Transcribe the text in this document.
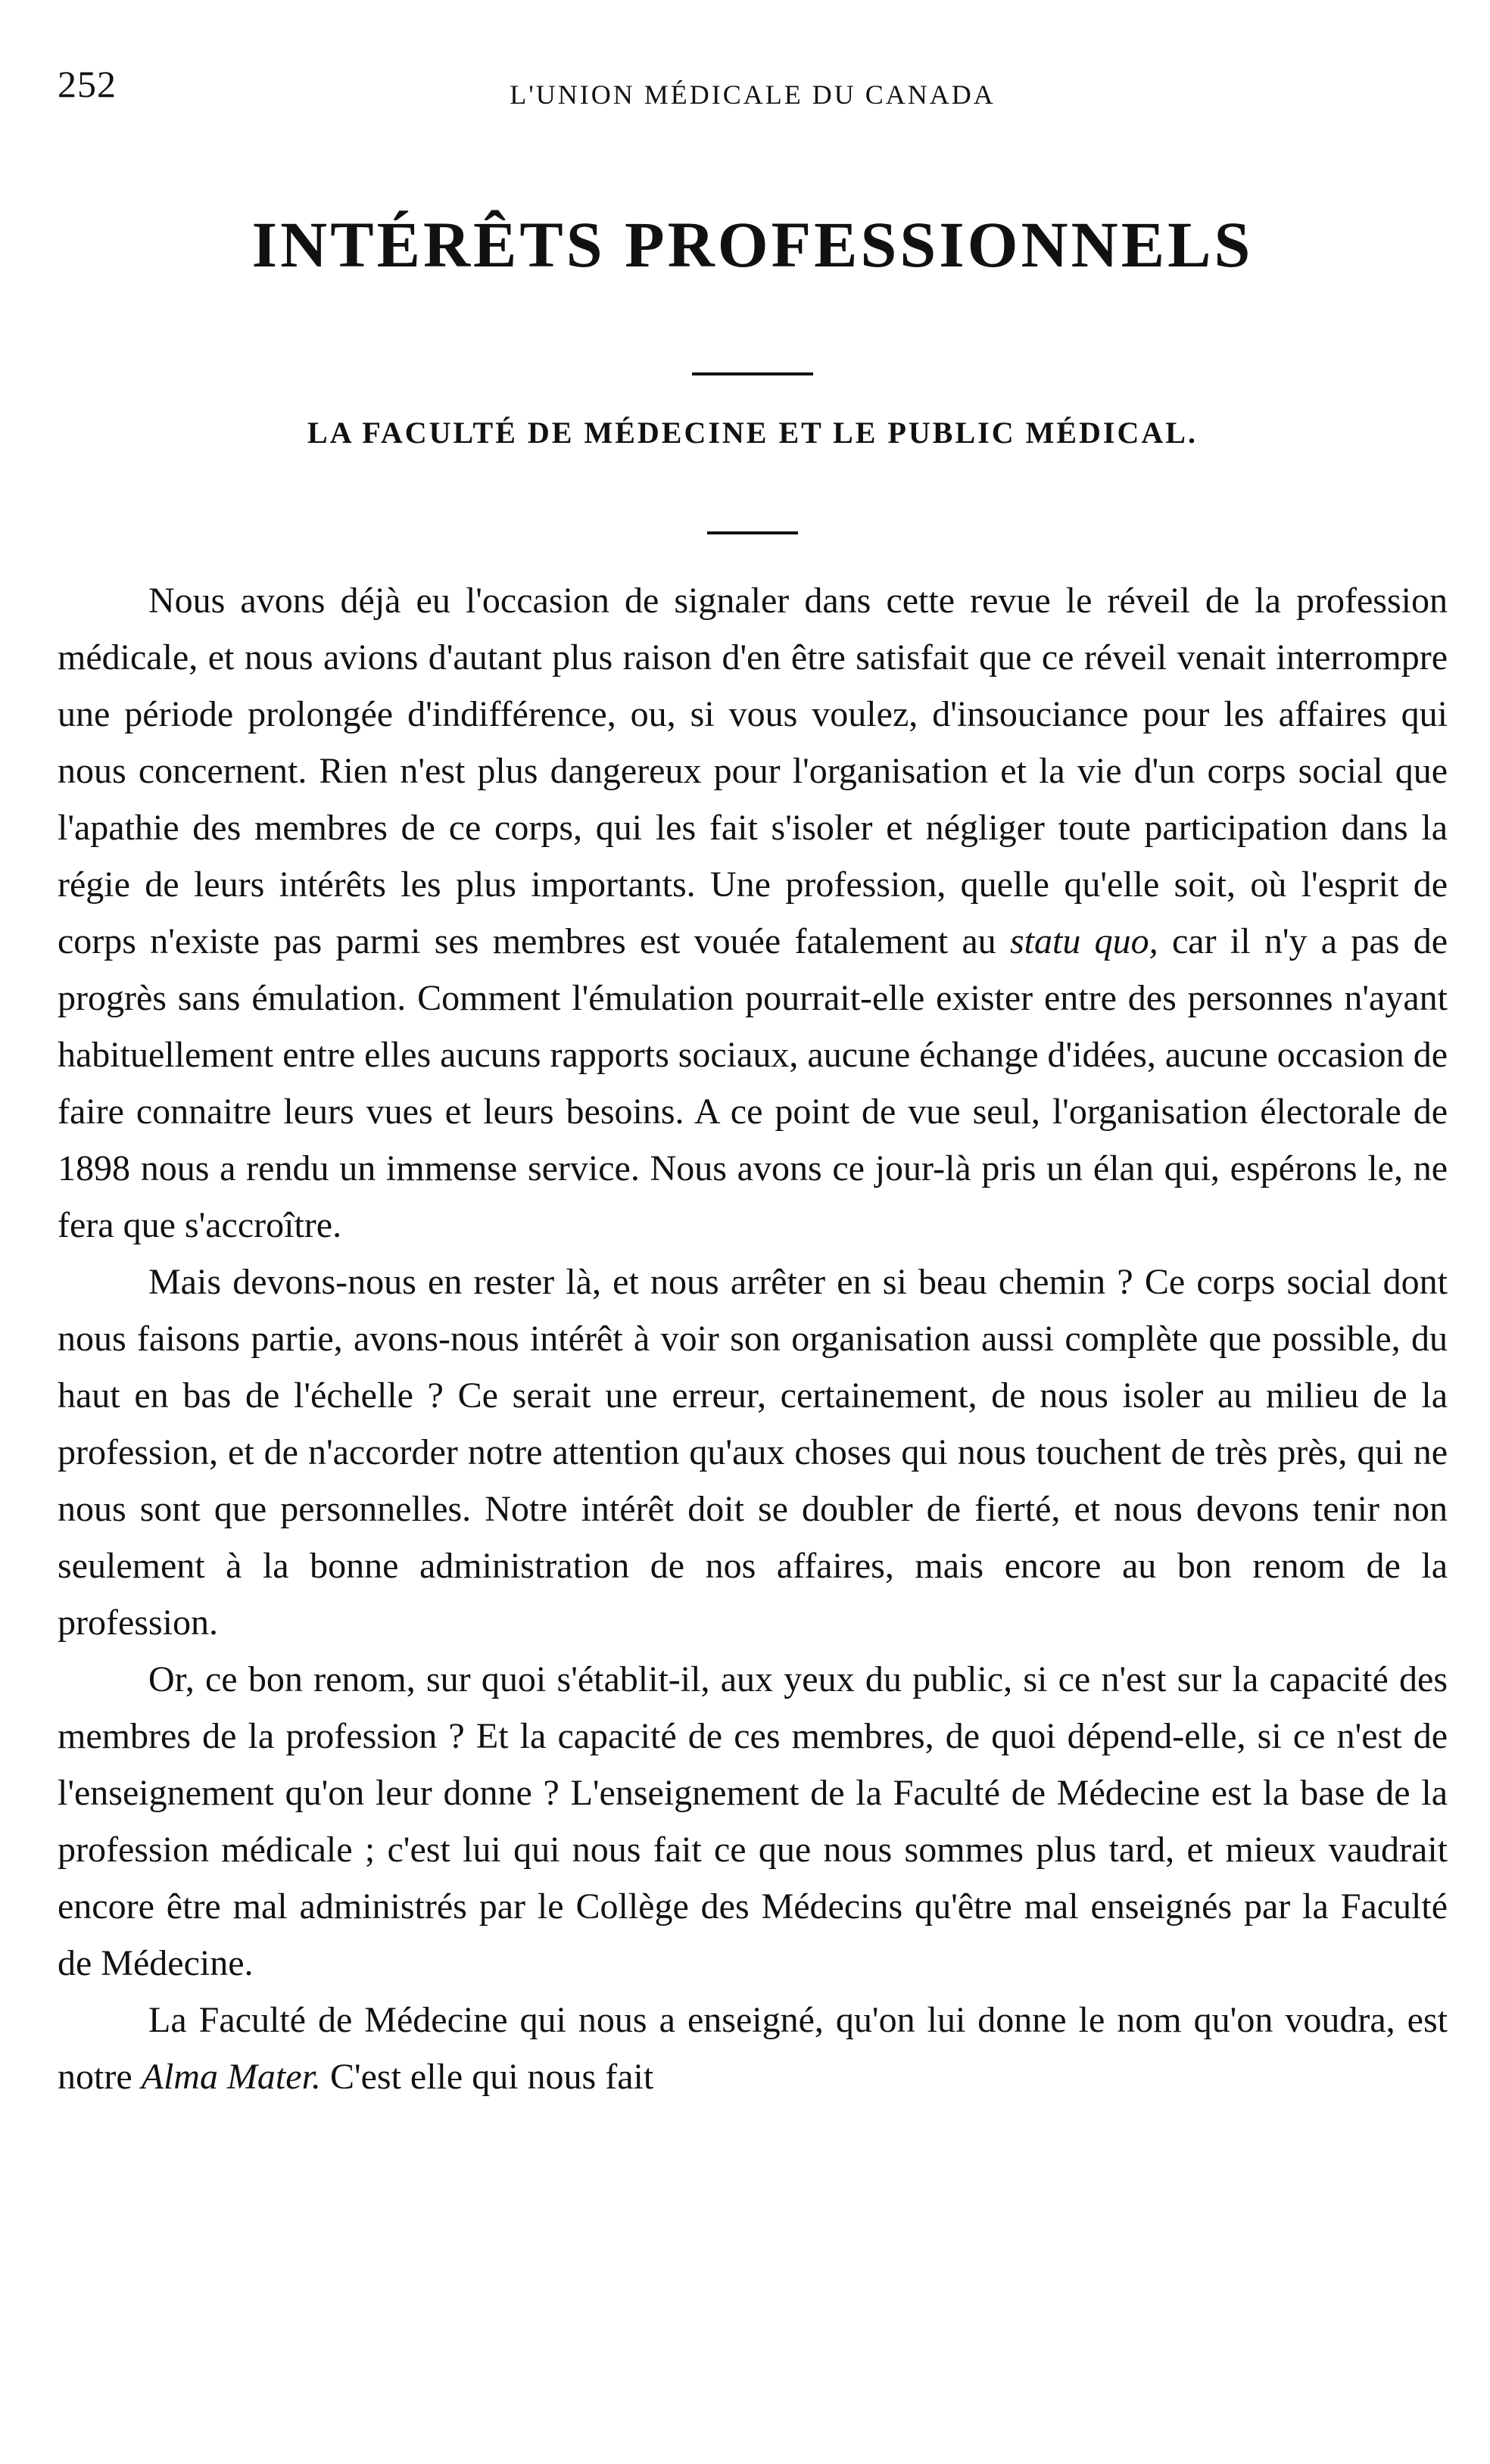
252	L'UNION MÉDICALE DU CANADA
INTÉRÊTS PROFESSIONNELS
LA FACULTÉ DE MÉDECINE ET LE PUBLIC MÉDICAL.

Nous avons déjà eu l'occasion de signaler dans cette revue le réveil de la profession médicale, et nous avions d'autant plus raison d'en être satisfait que ce réveil venait interrompre une période prolongée d'indifférence, ou, si vous voulez, d'insouciance pour les affaires qui nous concernent. Rien n'est plus dangereux pour l'organisation et la vie d'un corps social que l'apathie des membres de ce corps, qui les fait s'isoler et négliger toute participation dans la régie de leurs intérêts les plus importants. Une profession, quelle qu'elle soit, où l'esprit de corps n'existe pas parmi ses membres est vouée fatalement au statu quo, car il n'y a pas de progrès sans émulation. Comment l'émulation pourrait-elle exister entre des personnes n'ayant habituellement entre elles aucuns rapports sociaux, aucune échange d'idées, aucune occasion de faire connaitre leurs vues et leurs besoins. A ce point de vue seul, l'organisation électorale de 1898 nous a rendu un immense service. Nous avons ce jour-là pris un élan qui, espérons le, ne fera que s'accroître.

Mais devons-nous en rester là, et nous arrêter en si beau chemin ? Ce corps social dont nous faisons partie, avons-nous intérêt à voir son organisation aussi complète que possible, du haut en bas de l'échelle ? Ce serait une erreur, certainement, de nous isoler au milieu de la profession, et de n'accorder notre attention qu'aux choses qui nous touchent de très près, qui ne nous sont que personnelles. Notre intérêt doit se doubler de fierté, et nous devons tenir non seulement à la bonne administration de nos affaires, mais encore au bon renom de la profession.

Or, ce bon renom, sur quoi s'établit-il, aux yeux du public, si ce n'est sur la capacité des membres de la profession ? Et la capacité de ces membres, de quoi dépend-elle, si ce n'est de l'enseignement qu'on leur donne ? L'enseignement de la Faculté de Médecine est la base de la profession médicale ; c'est lui qui nous fait ce que nous sommes plus tard, et mieux vaudrait encore être mal administrés par le Collège des Médecins qu'être mal enseignés par la Faculté de Médecine.

La Faculté de Médecine qui nous a enseigné, qu'on lui donne le nom qu'on voudra, est notre Alma Mater. C'est elle qui nous fait
